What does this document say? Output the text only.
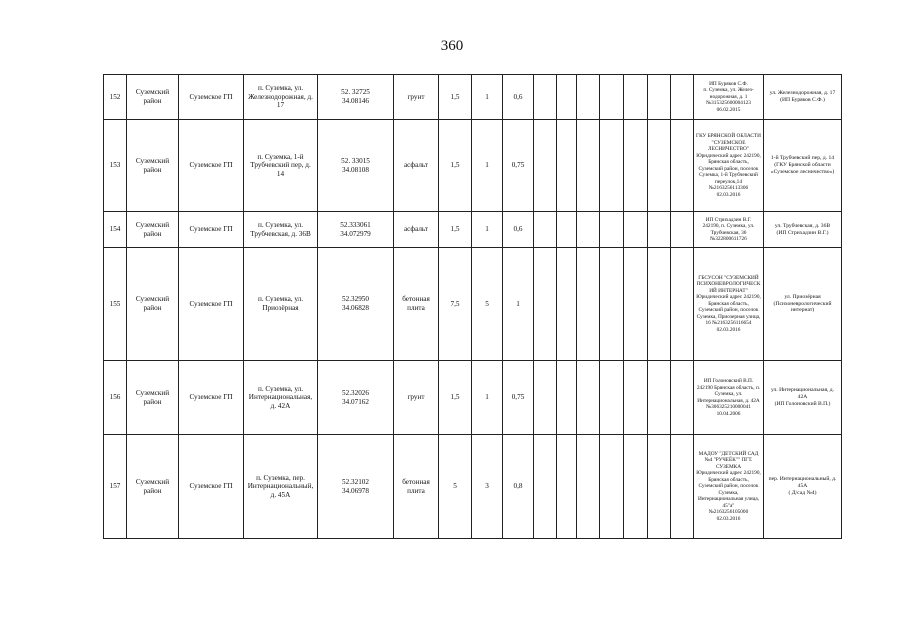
360
152	Суземский район	Суземское ГП	п. Суземка, ул. Железнодорожная, д. 17	52. 32725
34.08146	грунт	1,5	1	0,6								ИП Буряков С.Ф.
п. Суземка, ул. Желез-
нодорожная, д. 1
№315325600004123
06.02.2015	ул. Железнодорожная, д. 17
(ИП Буряков С.Ф.)
153	Суземский район	Суземское ГП	п. Суземка, 1-й Трубчевский пер, д. 14	52. 33015
34.08108	асфальт	1,5	1	0,75								ГКУ БРЯНСКОЙ ОБЛАСТИ "СУЗЕМСКОЕ ЛЕСНИЧЕСТВО"
Юридический адрес 242190, Брянская область, Суземский район, поселок Суземка, 1-й Трубчевский переулок,14
№2163256113306
02.03.2016	1-й Трубчевский пер, д. 14 (ГКУ Брянской области «Суземское лесничество»)
154	Суземский район	Суземское ГП	п. Суземка, ул. Трубчевская, д. 36В	52.333061
34.072979	асфальт	1,5	1	0,6								ИП Стрихадзин В.Г.
242190, п. Суземка, ул. Трубчевская, 36
№322800611726	ул. Трубчевская, д. 36В
(ИП Стрихадзин В.Г.)
155	Суземский район	Суземское ГП	п. Суземка, ул. Приозёрная	52.32950
34.06828	бетонная плита	7,5	5	1								ГБСУСОН "СУЗЕМСКИЙ ПСИХОНЕВРОЛОГИЧЕСКИЙ ИНТЕРНАТ"
Юридический адрес 242190, Брянская область, Суземский район, поселок Суземка, Приозерная улица, 16 №2163256116654
02.03.2016	ул. Приозёрная
(Психоневрологический интернат)
156	Суземский район	Суземское ГП	п. Суземка, ул. Интернациональная, д. 42А	52.32026
34.07162	грунт	1,5	1	0,75								ИП Голоновский В.П.
242190 Брянская область, п. Суземка, ул. Интернациональная, д. 42А №306325210000041
10.04.2006	ул. Интернациональная, д. 42А
(ИП Голоновский В.П.)
157	Суземский район	Суземское ГП	п. Суземка, пер. Интернациональный, д. 45А	52.32102
34.06978	бетонная плита	5	3	0,8								МАДОУ "ДЕТСКИЙ САД №4 "РУЧЕЁК"" ПГТ. СУЗЕМКА
Юридический адрес 242190, Брянская область, Суземский район, поселок Суземка, Интернациональная улица, 45"а"
№2163256105000
02.03.2016	пер. Интернациональный, д. 45А
( Д/сад №4)
